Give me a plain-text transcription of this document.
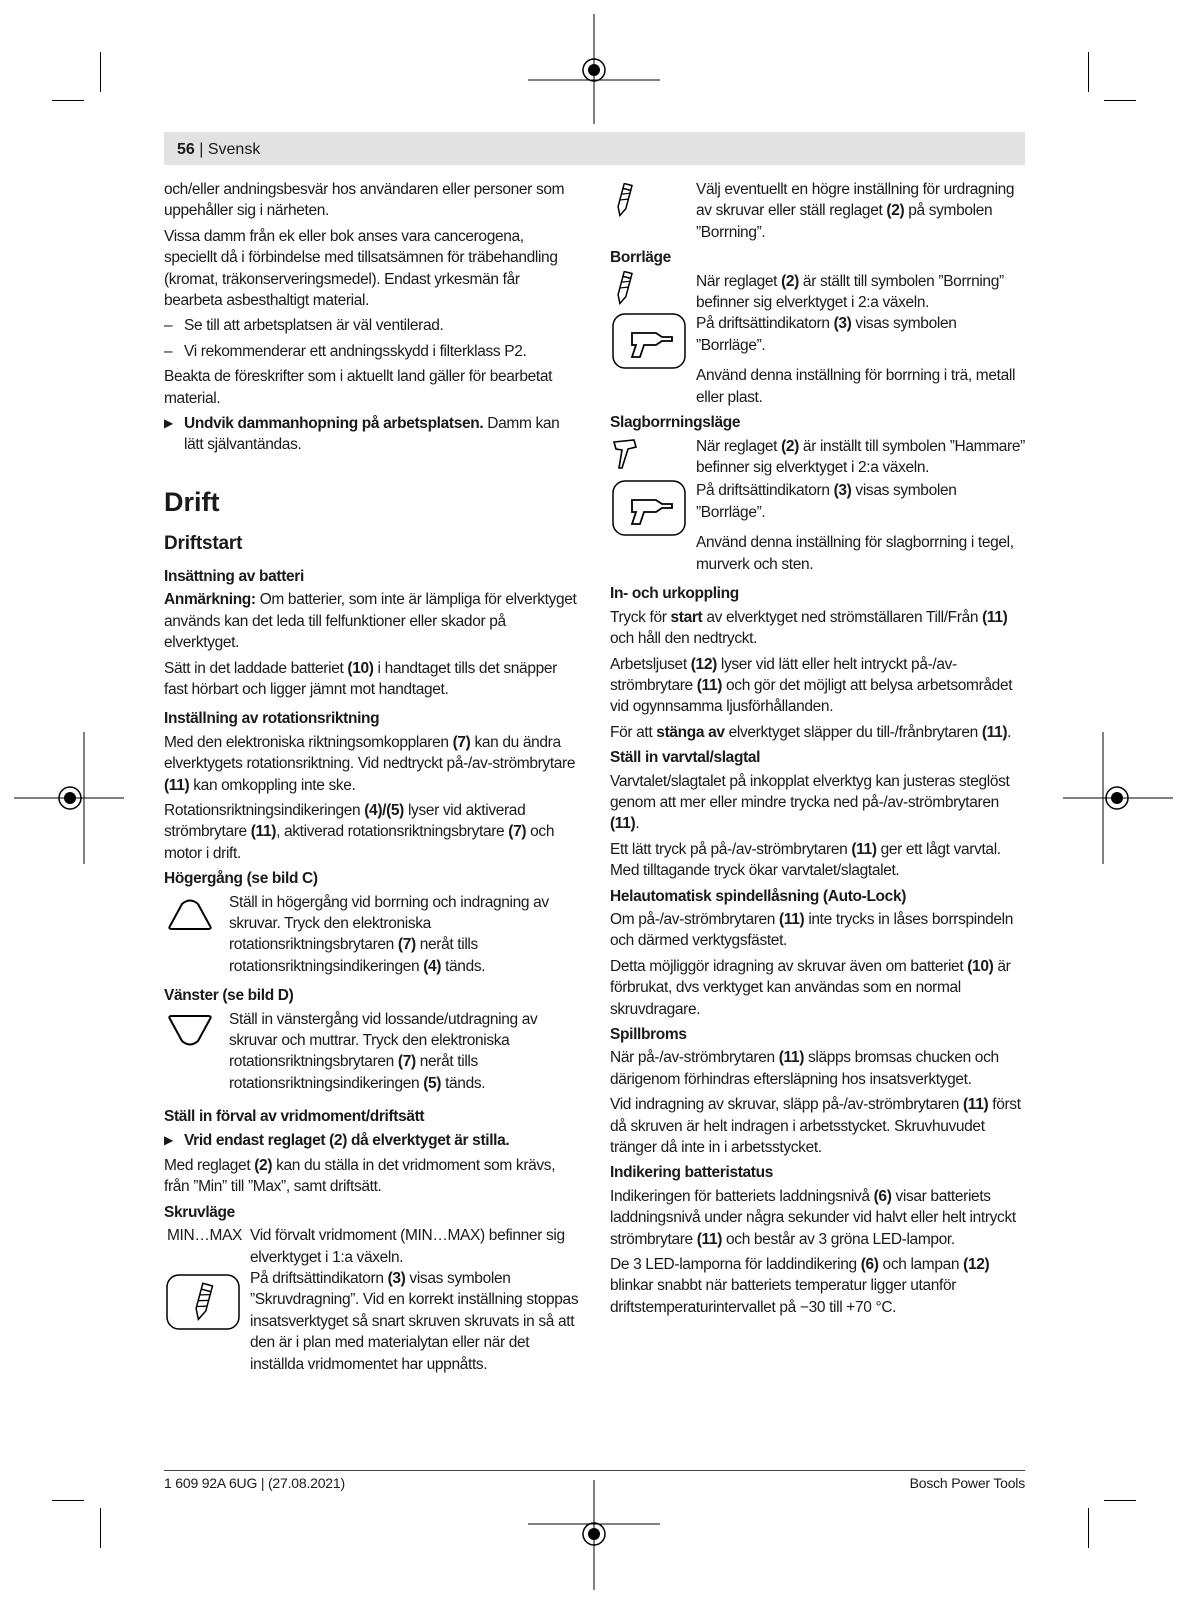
56 | Svensk

och/eller andningsbesvär hos användaren eller personer som uppehåller sig i närheten.

Vissa damm från ek eller bok anses vara cancerogena, speciellt då i förbindelse med tillsatsämnen för träbehandling (kromat, träkonserveringsmedel). Endast yrkesmän får bearbeta asbesthaltigt material.

– Se till att arbetsplatsen är väl ventilerad.

– Vi rekommenderar ett andningsskydd i filterklass P2.

Beakta de föreskrifter som i aktuellt land gäller för bearbetat material.

▶ Undvik dammanhopning på arbetsplatsen. Damm kan lätt självantändas.

Drift
Driftstart
Insättning av batteri

Anmärkning: Om batterier, som inte är lämpliga för elverktyget används kan det leda till felfunktioner eller skador på elverktyget.

Sätt in det laddade batteriet (10) i handtaget tills det snäpper fast hörbart och ligger jämnt mot handtaget.

Inställning av rotationsriktning

Med den elektroniska riktningsomkopplaren (7) kan du ändra elverktygets rotationsriktning. Vid nedtryckt på-/av-strömbrytare (11) kan omkoppling inte ske.

Rotationsriktningsindikeringen (4)/(5) lyser vid aktiverad strömbrytare (11), aktiverad rotationsriktningsbrytare (7) och motor i drift.

Högergång (se bild C)
Ställ in högergång vid borrning och indragning av skruvar. Tryck den elektroniska rotationsriktningsbrytaren (7) neråt tills rotationsriktningsindikeringen (4) tänds.
Vänster (se bild D)
Ställ in vänstergång vid lossande/utdragning av skruvar och muttrar. Tryck den elektroniska rotationsriktningsbrytaren (7) neråt tills rotationsriktningsindikeringen (5) tänds.
Ställ in förval av vridmoment/driftsätt

▶ Vrid endast reglaget (2) då elverktyget är stilla.

Med reglaget (2) kan du ställa in det vridmoment som krävs, från ”Min” till ”Max”, samt driftsätt.

Skruvläge
MIN…MAX Vid förvalt vridmoment (MIN…MAX) befinner sig elverktyget i 1:a växeln.
På driftsättindikatorn (3) visas symbolen ”Skruvdragning”. Vid en korrekt inställning stoppas insatsverktyget så snart skruven skruvats in så att den är i plan med materialytan eller när det inställda vridmomentet har uppnåtts.
Välj eventuellt en högre inställning för urdragning av skruvar eller ställ reglaget (2) på symbolen ”Borrning”.
Borrläge
När reglaget (2) är ställt till symbolen ”Borrning” befinner sig elverktyget i 2:a växeln.
På driftsättindikatorn (3) visas symbolen ”Borrläge”.

Använd denna inställning för borrning i trä, metall eller plast.

Slagborrningsläge
När reglaget (2) är inställt till symbolen ”Hammare” befinner sig elverktyget i 2:a växeln.
På driftsättindikatorn (3) visas symbolen ”Borrläge”.

Använd denna inställning för slagborrning i tegel, murverk och sten.

In- och urkoppling

Tryck för start av elverktyget ned strömställaren Till/Från (11) och håll den nedtryckt.

Arbetsljuset (12) lyser vid lätt eller helt intryckt på-/av-strömbrytare (11) och gör det möjligt att belysa arbetsområdet vid ogynnsamma ljusförhållanden.

För att stänga av elverktyget släpper du till-/frånbrytaren (11).

Ställ in varvtal/slagtal

Varvtalet/slagtalet på inkopplat elverktyg kan justeras steglöst genom att mer eller mindre trycka ned på-/av-strömbrytaren (11).

Ett lätt tryck på på-/av-strömbrytaren (11) ger ett lågt varvtal. Med tilltagande tryck ökar varvtalet/slagtalet.

Helautomatisk spindellåsning (Auto-Lock)

Om på-/av-strömbrytaren (11) inte trycks in låses borrspindeln och därmed verktygsfästet.

Detta möjliggör idragning av skruvar även om batteriet (10) är förbrukat, dvs verktyget kan användas som en normal skruvdragare.

Spillbroms

När på-/av-strömbrytaren (11) släpps bromsas chucken och därigenom förhindras eftersläpning hos insatsverktyget.

Vid indragning av skruvar, släpp på-/av-strömbrytaren (11) först då skruven är helt indragen i arbetsstycket. Skruvhuvudet tränger då inte in i arbetsstycket.

Indikering batteristatus

Indikeringen för batteriets laddningsnivå (6) visar batteriets laddningsnivå under några sekunder vid halvt eller helt intryckt strömbrytare (11) och består av 3 gröna LED-lampor.

De 3 LED-lamporna för laddindikering (6) och lampan (12) blinkar snabbt när batteriets temperatur ligger utanför driftstemperaturintervallet på −30 till +70 °C.

1 609 92A 6UG | (27.08.2021)	Bosch Power Tools
